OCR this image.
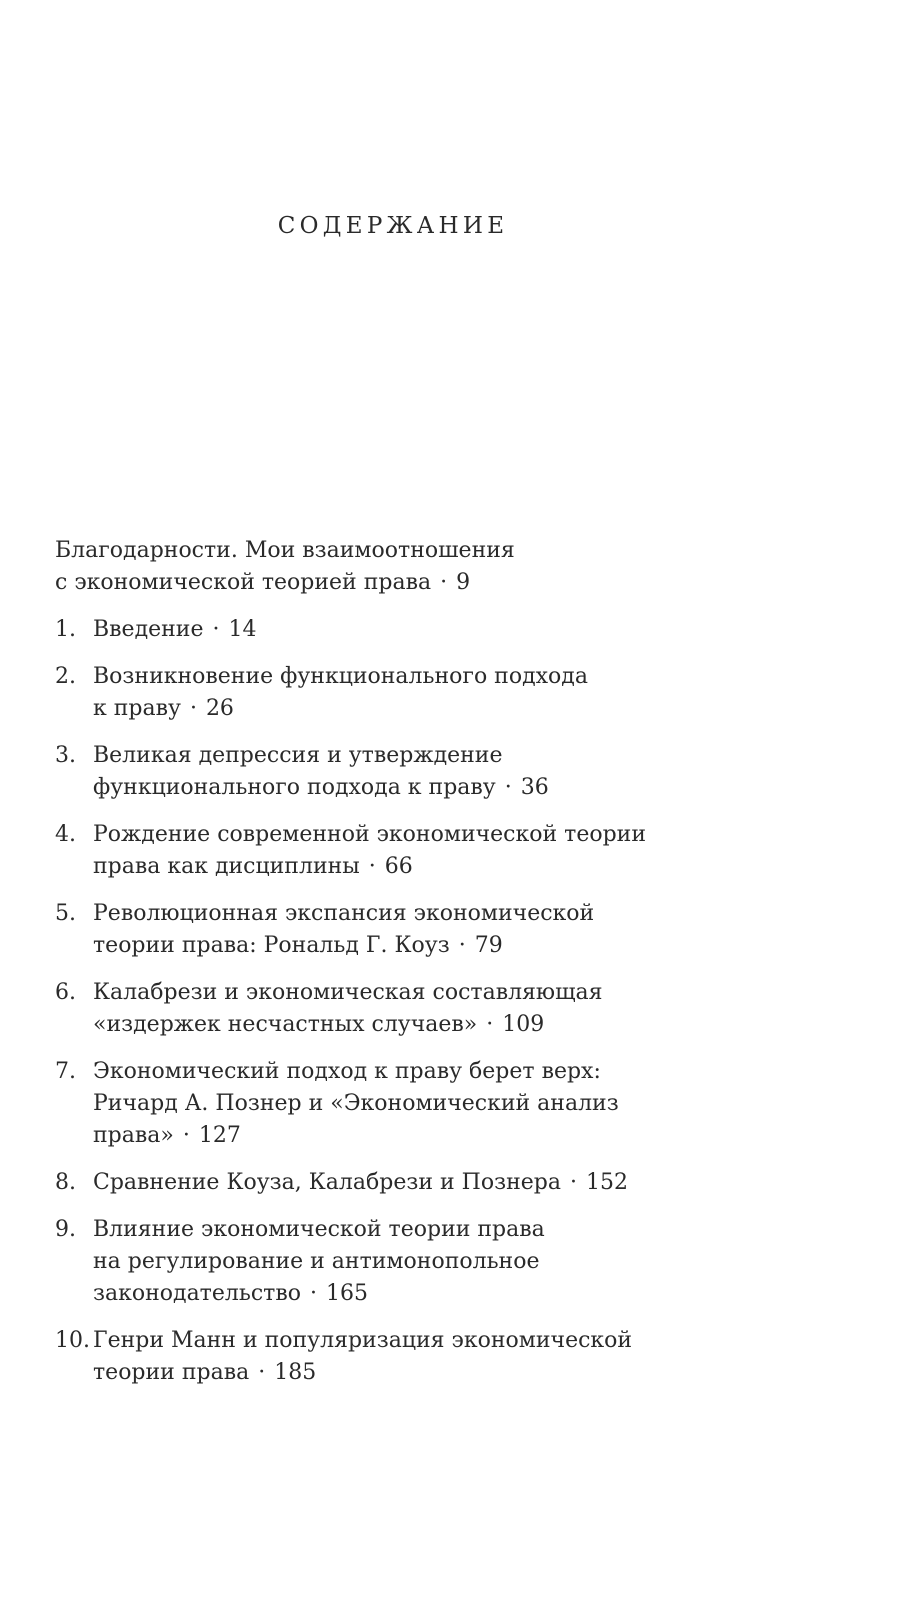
СОДЕРЖАНИЕ
Благодарности. Мои взаимоотношения
с экономической теорией права · 9
1. Введение · 14
2. Возникновение функционального подхода
к праву · 26
3. Великая депрессия и утверждение
функционального подхода к праву · 36
4. Рождение современной экономической теории
права как дисциплины · 66
5. Революционная экспансия экономической
теории права: Рональд Г. Коуз · 79
6. Калабрези и экономическая составляющая
«издержек несчастных случаев» · 109
7. Экономический подход к праву берет верх:
Ричард А. Познер и «Экономический анализ
права» · 127
8. Сравнение Коуза, Калабрези и Познера · 152
9. Влияние экономической теории права
на регулирование и антимонопольное
законодательство · 165
10. Генри Манн и популяризация экономической
теории права · 185
